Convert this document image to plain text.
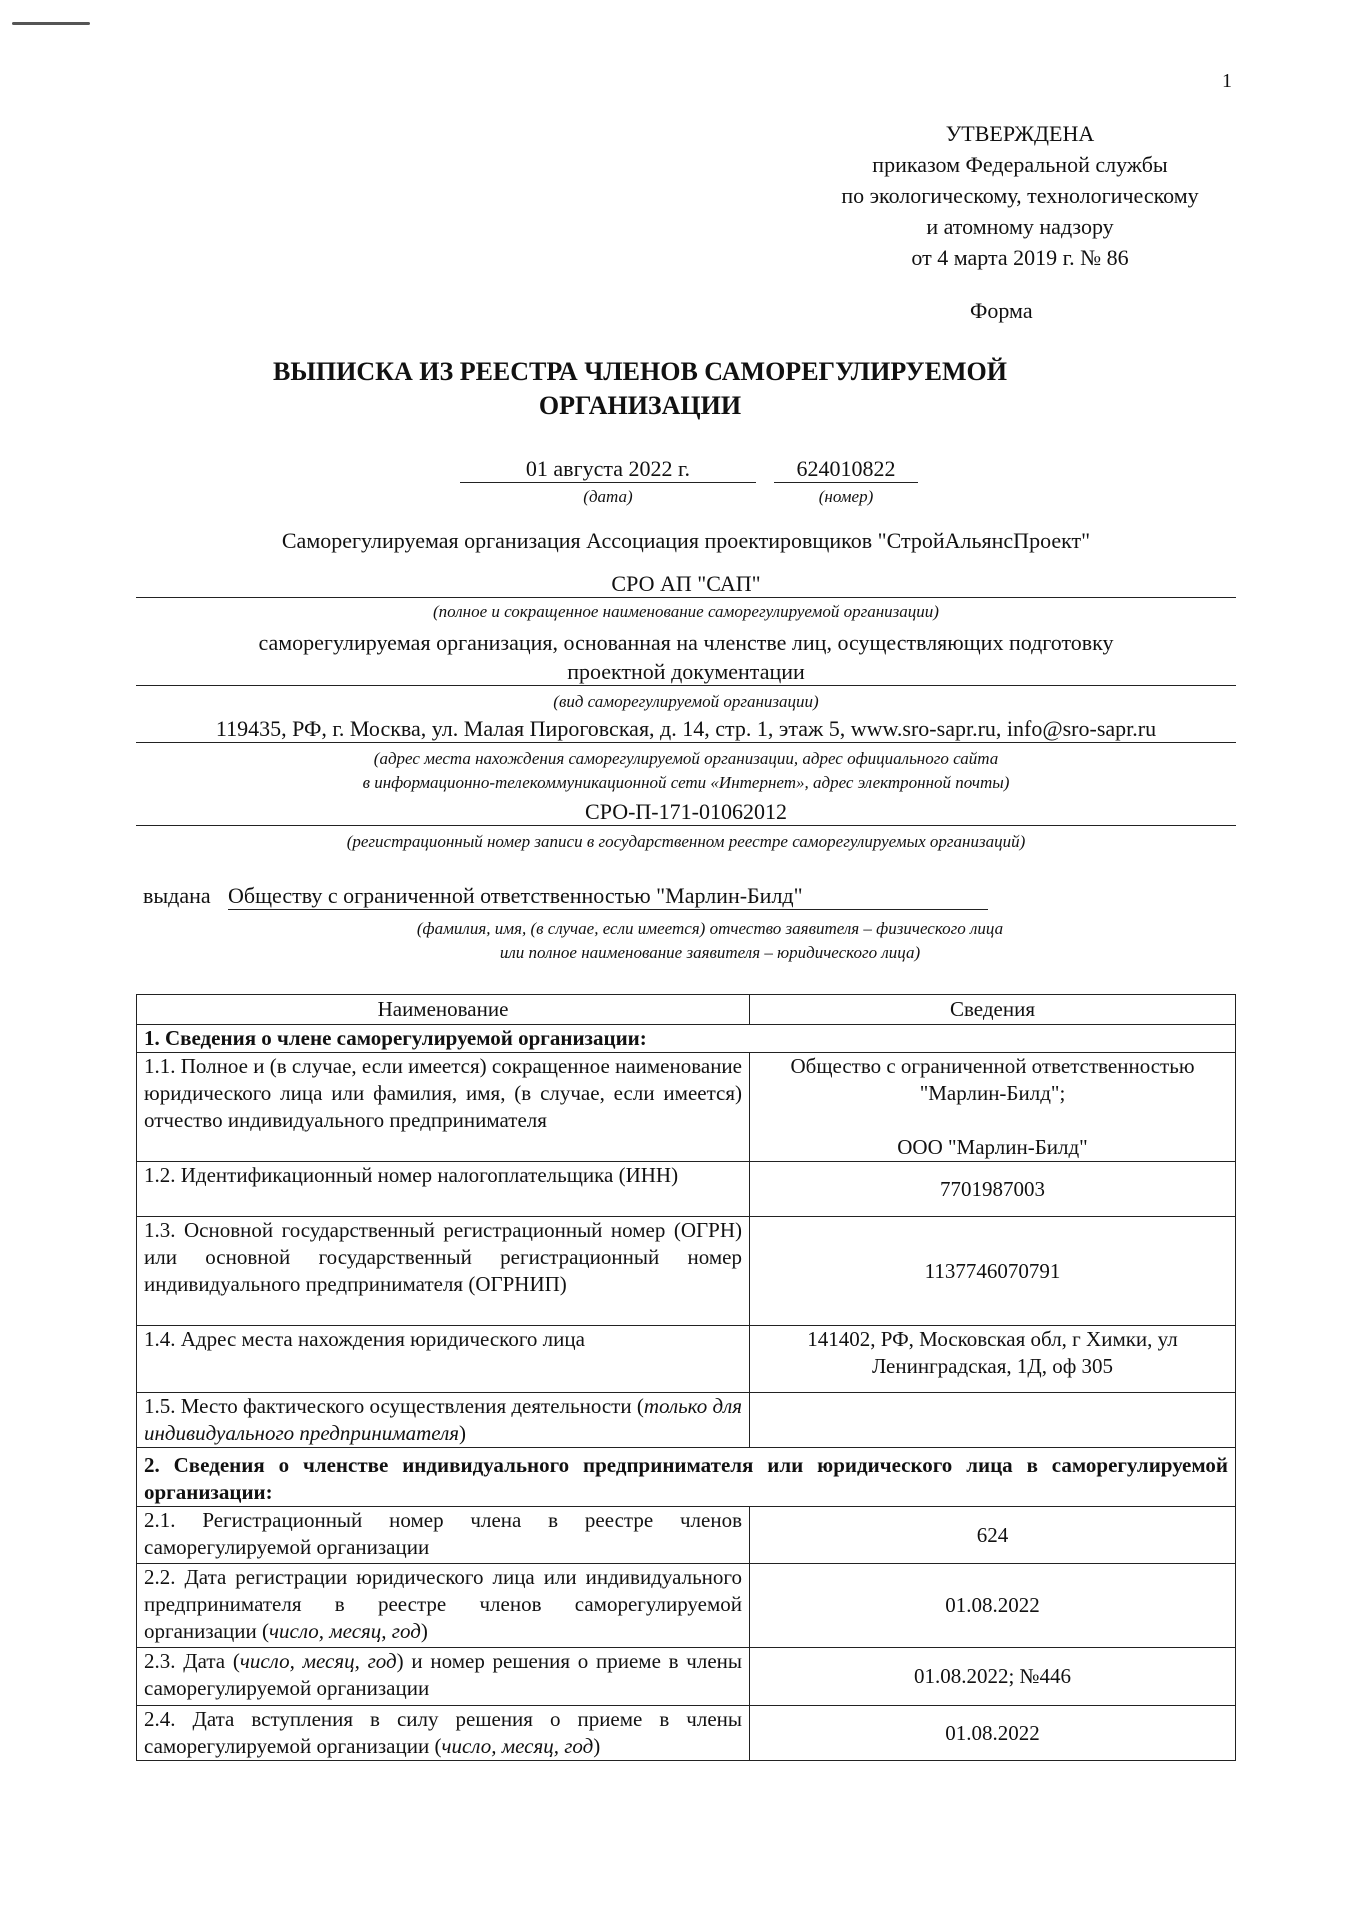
1
УТВЕРЖДЕНА
приказом Федеральной службы
по экологическому, технологическому
и атомному надзору
от 4 марта 2019 г. № 86
Форма
ВЫПИСКА ИЗ РЕЕСТРА ЧЛЕНОВ САМОРЕГУЛИРУЕМОЙ
ОРГАНИЗАЦИИ
01 августа 2022 г.
(дата)
624010822
(номер)
Саморегулируемая организация Ассоциация проектировщиков "СтройАльянсПроект"
СРО АП "САП"
(полное и сокращенное наименование саморегулируемой организации)
саморегулируемая организация, основанная на членстве лиц, осуществляющих подготовку
проектной документации
(вид саморегулируемой организации)
119435, РФ, г. Москва, ул. Малая Пироговская, д. 14, стр. 1, этаж 5, www.sro-sapr.ru, info@sro-sapr.ru
(адрес места нахождения саморегулируемой организации, адрес официального сайта
в информационно-телекоммуникационной сети «Интернет», адрес электронной почты)
СРО-П-171-01062012
(регистрационный номер записи в государственном реестре саморегулируемых организаций)
выдана Обществу с ограниченной ответственностью "Марлин-Билд"
(фамилия, имя, (в случае, если имеется) отчество заявителя – физического лица
или полное наименование заявителя – юридического лица)
Наименование	Сведения
1. Сведения о члене саморегулируемой организации:	
1.1. Полное и (в случае, если имеется) сокращенное наименование юридического лица или фамилия, имя, (в случае, если имеется) отчество индивидуального предпринимателя	Общество с ограниченной ответственностью "Марлин-Билд";
ООО "Марлин-Билд"

1.2. Идентификационный номер налогоплательщика (ИНН)	7701987003
1.3. Основной государственный регистрационный номер (ОГРН) или основной государственный регистрационный номер индивидуального предпринимателя (ОГРНИП)	1137746070791
1.4. Адрес места нахождения юридического лица	141402, РФ, Московская обл, г Химки, ул Ленинградская, 1Д, оф 305
1.5. Место фактического осуществления деятельности (только для индивидуального предпринимателя)	
2. Сведения о членстве индивидуального предпринимателя или юридического лица в саморегулируемой организации:	
2.1. Регистрационный номер члена в реестре членов саморегулируемой организации	624
2.2. Дата регистрации юридического лица или индивидуального предпринимателя в реестре членов саморегулируемой организации (число, месяц, год)	01.08.2022
2.3. Дата (число, месяц, год) и номер решения о приеме в члены саморегулируемой организации	01.08.2022; №446
2.4. Дата вступления в силу решения о приеме в члены саморегулируемой организации (число, месяц, год)	01.08.2022
